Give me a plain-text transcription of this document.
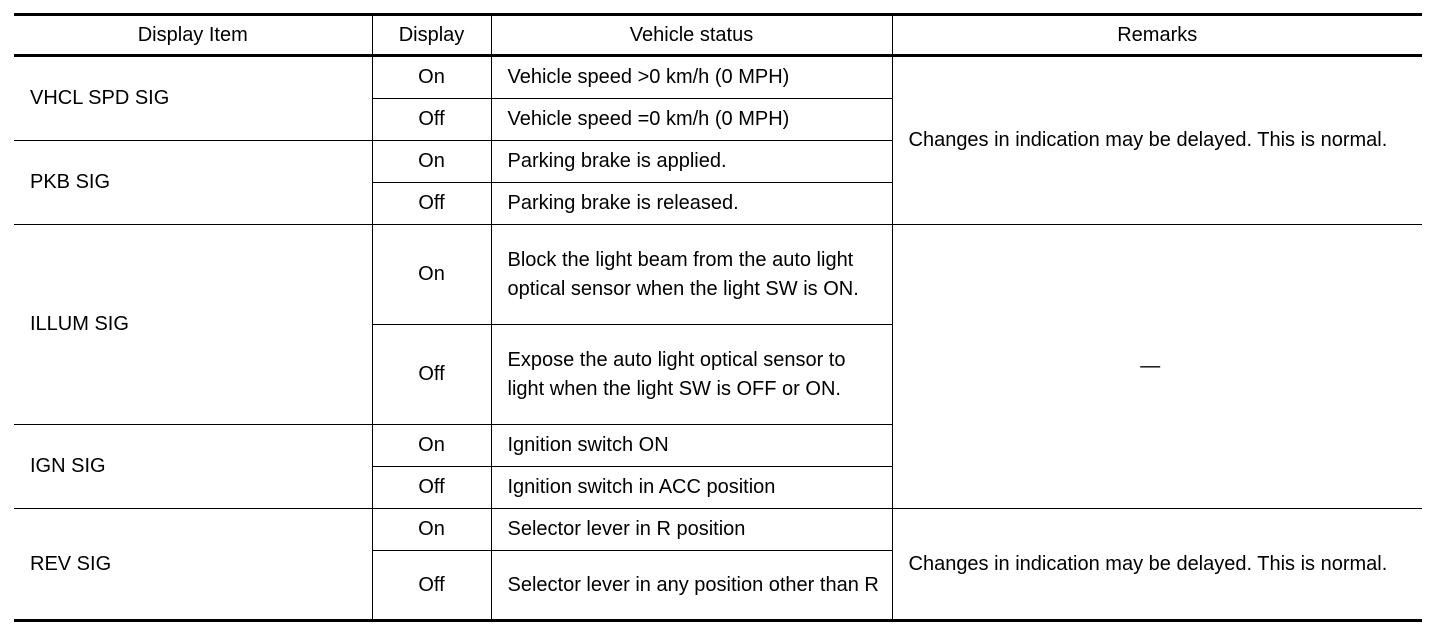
Display Item	Display	Vehicle status	Remarks
VHCL SPD SIG	On	Vehicle speed >0 km/h (0 MPH)	Changes in indication may be delayed. This is normal.
	Off	Vehicle speed =0 km/h (0 MPH)	
PKB SIG	On	Parking brake is applied.	
	Off	Parking brake is released.	
ILLUM SIG	On	Block the light beam from the auto light optical sensor when the light SW is ON.	—
	Off	Expose the auto light optical sensor to light when the light SW is OFF or ON.	
IGN SIG	On	Ignition switch ON	
	Off	Ignition switch in ACC position	
REV SIG	On	Selector lever in R position	Changes in indication may be delayed. This is normal.
	Off	Selector lever in any position other than R	
